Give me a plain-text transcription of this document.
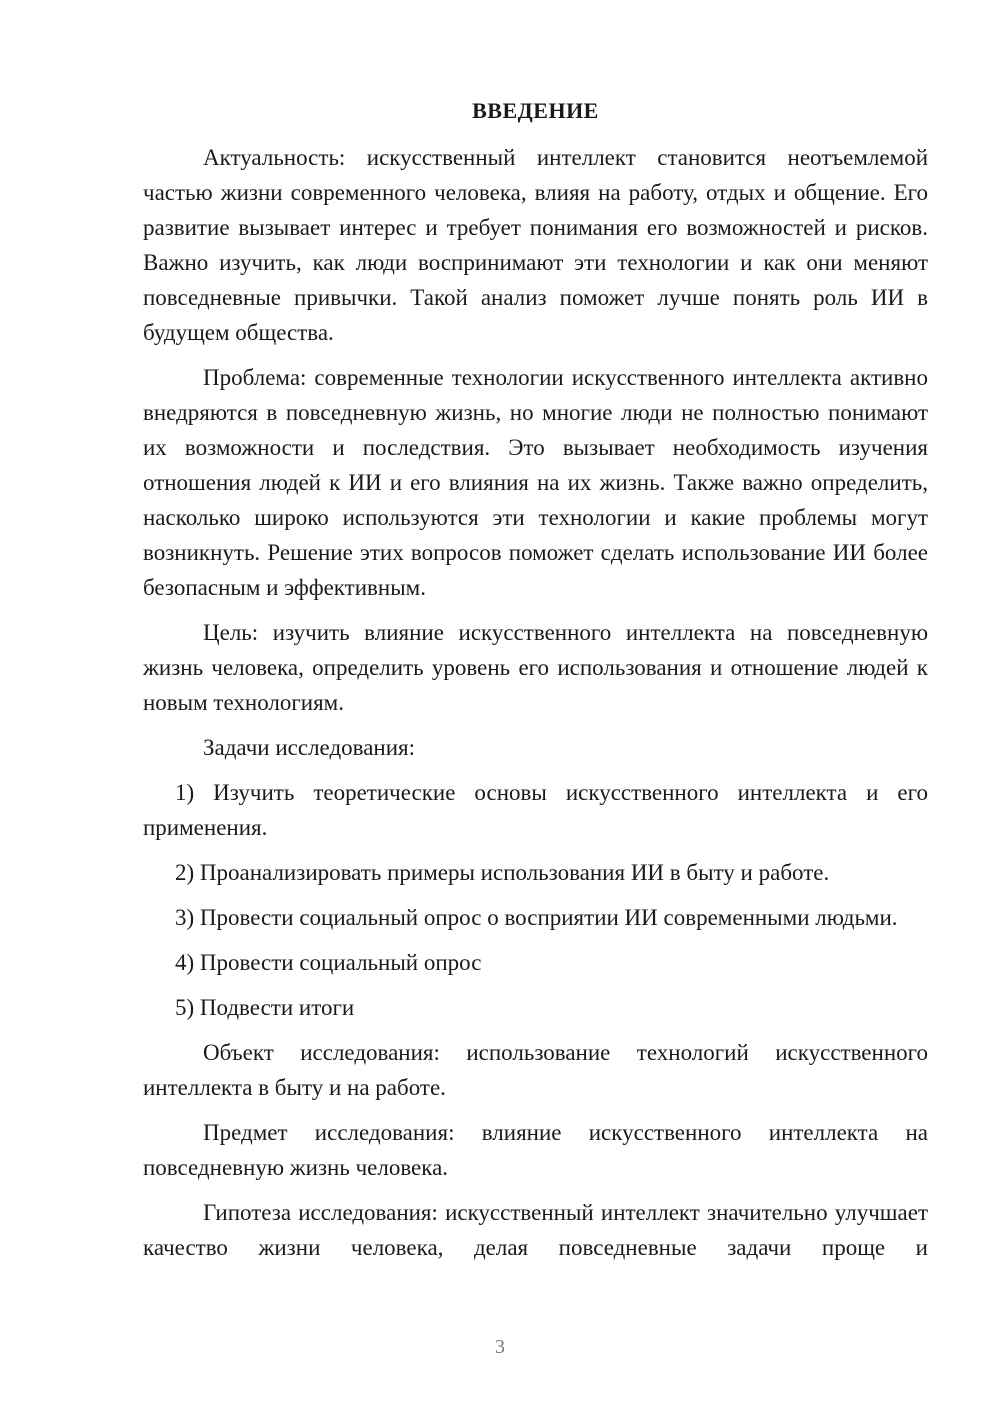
ВВЕДЕНИЕ

Актуальность: искусственный интеллект становится неотъемлемой частью жизни современного человека, влияя на работу, отдых и общение. Его развитие вызывает интерес и требует понимания его возможностей и рисков. Важно изучить, как люди воспринимают эти технологии и как они меняют повседневные привычки. Такой анализ поможет лучше понять роль ИИ в будущем общества.

Проблема: современные технологии искусственного интеллекта активно внедряются в повседневную жизнь, но многие люди не полностью понимают их возможности и последствия. Это вызывает необходимость изучения отношения людей к ИИ и его влияния на их жизнь. Также важно определить, насколько широко используются эти технологии и какие проблемы могут возникнуть. Решение этих вопросов поможет сделать использование ИИ более безопасным и эффективным.

Цель: изучить влияние искусственного интеллекта на повседневную жизнь человека, определить уровень его использования и отношение людей к новым технологиям.

Задачи исследования:

1) Изучить теоретические основы искусственного интеллекта и его применения.

2) Проанализировать примеры использования ИИ в быту и работе.

3) Провести социальный опрос о восприятии ИИ современными людьми.

4) Провести социальный опрос

5) Подвести итоги

Объект исследования: использование технологий искусственного интеллекта в быту и на работе.

Предмет исследования: влияние искусственного интеллекта на повседневную жизнь человека.

Гипотеза исследования: искусственный интеллект значительно улучшает качество жизни человека, делая повседневные задачи проще и

3
